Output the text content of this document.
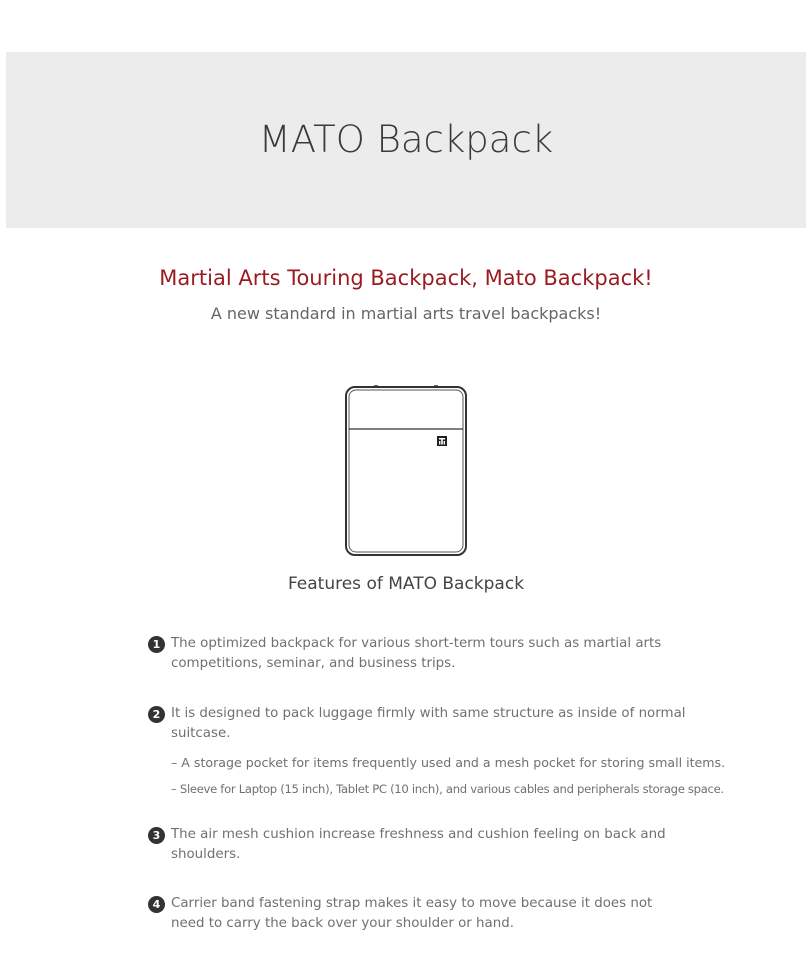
MATO Backpack
Martial Arts Touring Backpack, Mato Backpack!
A new standard in martial arts travel backpacks!
Features of MATO Backpack
1 The optimized backpack for various short-term tours such as martial arts competitions, seminar, and business trips.
2 It is designed to pack luggage firmly with same structure as inside of normal suitcase.
– A storage pocket for items frequently used and a mesh pocket for storing small items.
– Sleeve for Laptop (15 inch), Tablet PC (10 inch), and various cables and peripherals storage space.
3 The air mesh cushion increase freshness and cushion feeling on back and shoulders.
4 Carrier band fastening strap makes it easy to move because it does not need to carry the back over your shoulder or hand.
